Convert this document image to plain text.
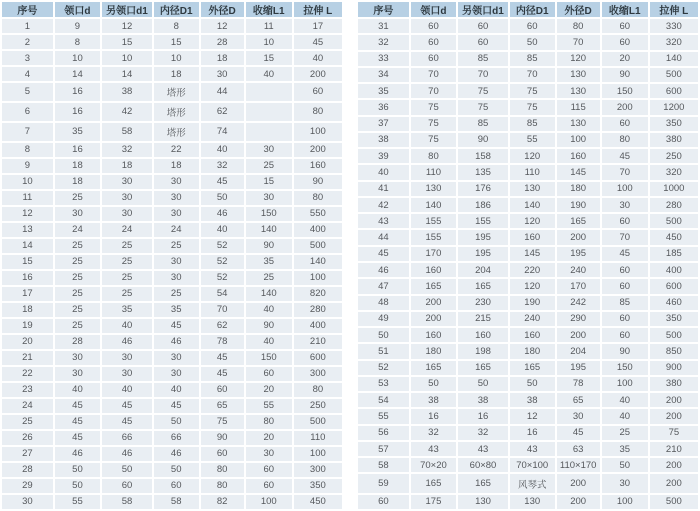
序号	领口d	另领口d1	内径D1	外径D	收缩L1	拉伸 L
1	9	12	8	12	11	17
2	8	15	15	28	10	45
3	10	10	10	18	15	40
4	14	14	18	30	40	200
5	16	38	塔形	44		60
6	16	42	塔形	62		80
7	35	58	塔形	74		100
8	16	32	22	40	30	200
9	18	18	18	32	25	160
10	18	30	30	45	15	90
11	25	30	30	50	30	80
12	30	30	30	46	150	550
13	24	24	24	40	140	400
14	25	25	25	52	90	500
15	25	25	30	52	35	140
16	25	25	30	52	25	100
17	25	25	25	54	140	820
18	25	35	35	70	40	280
19	25	40	45	62	90	400
20	28	46	46	78	40	210
21	30	30	30	45	150	600
22	30	30	30	45	60	300
23	40	40	40	60	20	80
24	45	45	45	65	55	250
25	45	45	50	75	80	500
26	45	66	66	90	20	110
27	46	46	46	60	30	100
28	50	50	50	80	60	300
29	50	60	60	80	60	350
30	55	58	58	82	100	450
序号	领口d	另领口d1	内径D1	外径D	收缩L1	拉伸 L
31	60	60	60	80	60	330
32	60	60	50	70	60	320
33	60	85	85	120	20	140
34	70	70	70	130	90	500
35	70	75	75	130	150	600
36	75	75	75	115	200	1200
37	75	85	85	130	60	350
38	75	90	55	100	80	380
39	80	158	120	160	45	250
40	110	135	110	145	70	320
41	130	176	130	180	100	1000
42	140	186	140	190	30	280
43	155	155	120	165	60	500
44	155	195	160	200	70	450
45	170	195	145	195	45	185
46	160	204	220	240	60	400
47	165	165	120	170	60	600
48	200	230	190	242	85	460
49	200	215	240	290	60	350
50	160	160	160	200	60	500
51	180	198	180	204	90	850
52	165	165	165	195	150	900
53	50	50	50	78	100	380
54	38	38	38	65	40	200
55	16	16	12	30	40	200
56	32	32	16	45	25	75
57	43	43	43	63	35	210
58	70×20	60×80	70×100	110×170	50	200
59	165	165	风琴式	200	30	200
60	175	130	130	200	100	500
